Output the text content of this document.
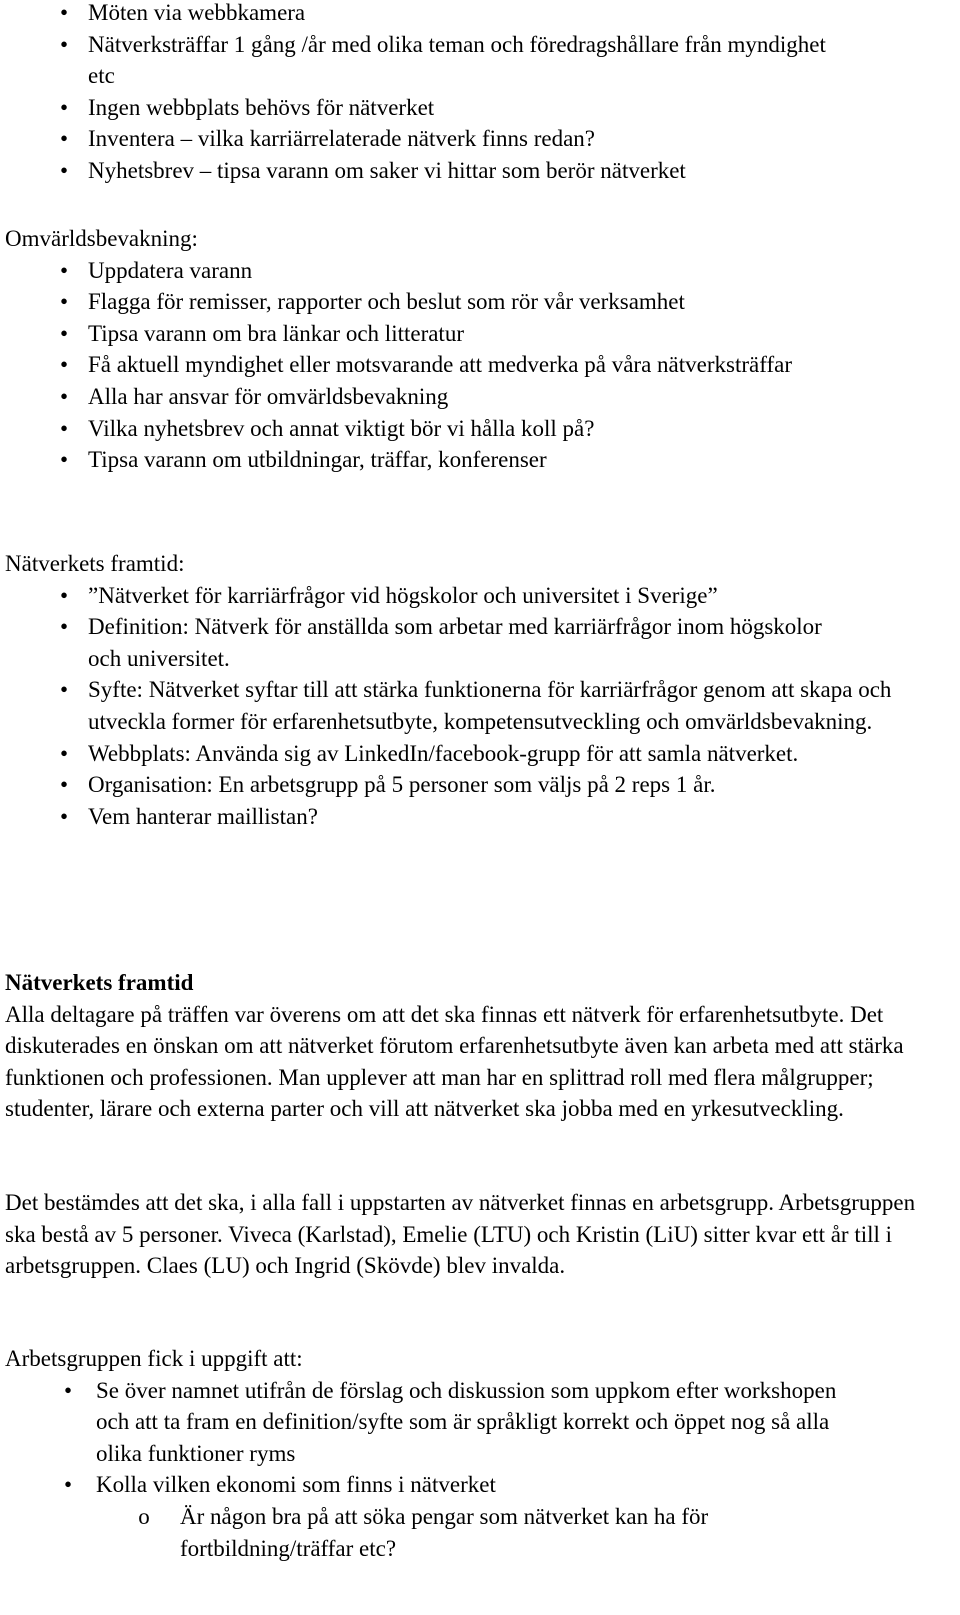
• Möten via webbkamera
• Nätverksträffar 1 gång /år med olika teman och föredragshållare från myndighet etc
• Ingen webbplats behövs för nätverket
• Inventera – vilka karriärrelaterade nätverk finns redan?
• Nyhetsbrev – tipsa varann om saker vi hittar som berör nätverket
Omvärldsbevakning:
• Uppdatera varann
• Flagga för remisser, rapporter och beslut som rör vår verksamhet
• Tipsa varann om bra länkar och litteratur
• Få aktuell myndighet eller motsvarande att medverka på våra nätverksträffar
• Alla har ansvar för omvärldsbevakning
• Vilka nyhetsbrev och annat viktigt bör vi hålla koll på?
• Tipsa varann om utbildningar, träffar, konferenser
Nätverkets framtid:
• ”Nätverket för karriärfrågor vid högskolor och universitet i Sverige”
• Definition: Nätverk för anställda som arbetar med karriärfrågor inom högskolor och universitet.
• Syfte: Nätverket syftar till att stärka funktionerna för karriärfrågor genom att skapa och utveckla former för erfarenhetsutbyte, kompetensutveckling och omvärldsbevakning.
• Webbplats: Använda sig av LinkedIn/facebook-grupp för att samla nätverket.
• Organisation: En arbetsgrupp på 5 personer som väljs på 2 reps 1 år.
• Vem hanterar maillistan?
Nätverkets framtid
Alla deltagare på träffen var överens om att det ska finnas ett nätverk för erfarenhetsutbyte. Det diskuterades en önskan om att nätverket förutom erfarenhetsutbyte även kan arbeta med att stärka funktionen och professionen. Man upplever att man har en splittrad roll med flera målgrupper; studenter, lärare och externa parter och vill att nätverket ska jobba med en yrkesutveckling.
Det bestämdes att det ska, i alla fall i uppstarten av nätverket finnas en arbetsgrupp. Arbetsgruppen ska bestå av 5 personer. Viveca (Karlstad), Emelie (LTU) och Kristin (LiU) sitter kvar ett år till i arbetsgruppen. Claes (LU) och Ingrid (Skövde) blev invalda.
Arbetsgruppen fick i uppgift att:
• Se över namnet utifrån de förslag och diskussion som uppkom efter workshopen och att ta fram en definition/syfte som är språkligt korrekt och öppet nog så alla olika funktioner ryms
• Kolla vilken ekonomi som finns i nätverket
o Är någon bra på att söka pengar som nätverket kan ha för fortbildning/träffar etc?
